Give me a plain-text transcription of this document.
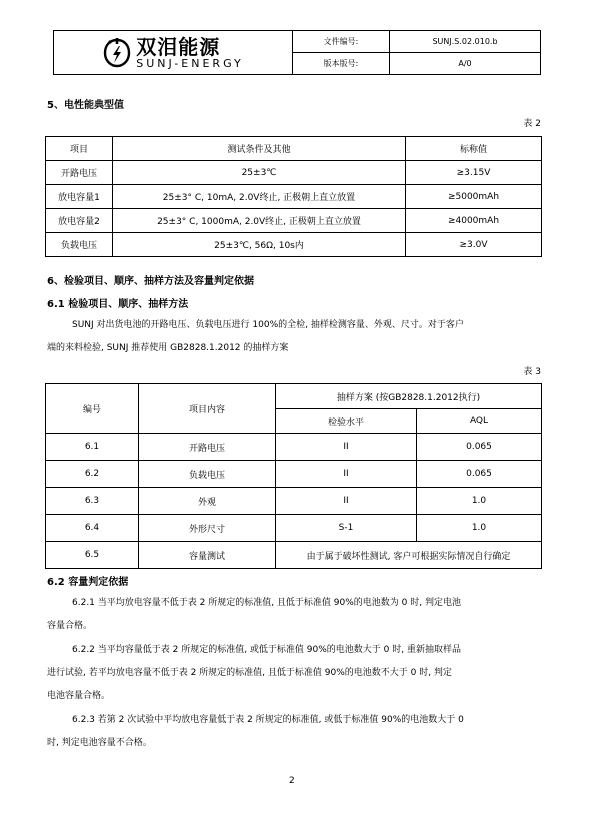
双泪能源
SUNJ-ENERGY	文件编号:	SUNJ.S.02.010.b
	版本版号:	A/0
5、电性能典型值
表 2
项目	测试条件及其他	标称值
开路电压	25±3℃	≥3.15V
放电容量1	25±3° C, 10mA, 2.0V终止, 正极朝上直立放置	≥5000mAh
放电容量2	25±3° C, 1000mA, 2.0V终止, 正极朝上直立放置	≥4000mAh
负载电压	25±3℃, 56Ω, 10s内	≥3.0V
6、检验项目、顺序、抽样方法及容量判定依据
6.1 检验项目、顺序、抽样方法
SUNJ 对出货电池的开路电压、负载电压进行 100%的全检, 抽样检测容量、外观、尺寸。对于客户
端的来料检验, SUNJ 推荐使用 GB2828.1.2012 的抽样方案
表 3
编号	项目内容	抽样方案 (按GB2828.1.2012执行)	
		检验水平	AQL
6.1	开路电压	II	0.065
6.2	负载电压	II	0.065
6.3	外观	II	1.0
6.4	外形尺寸	S-1	1.0
6.5	容量测试	由于属于破坏性测试, 客户可根据实际情况自行确定	
6.2 容量判定依据
6.2.1 当平均放电容量不低于表 2 所规定的标准值, 且低于标准值 90%的电池数为 0 时, 判定电池
容量合格。
6.2.2 当平均容量低于表 2 所规定的标准值, 或低于标准值 90%的电池数大于 0 时, 重新抽取样品
进行试验, 若平均放电容量不低于表 2 所规定的标准值, 且低于标准值 90%的电池数不大于 0 时, 判定
电池容量合格。
6.2.3 若第 2 次试验中平均放电容量低于表 2 所规定的标准值, 或低于标准值 90%的电池数大于 0
时, 判定电池容量不合格。
2
